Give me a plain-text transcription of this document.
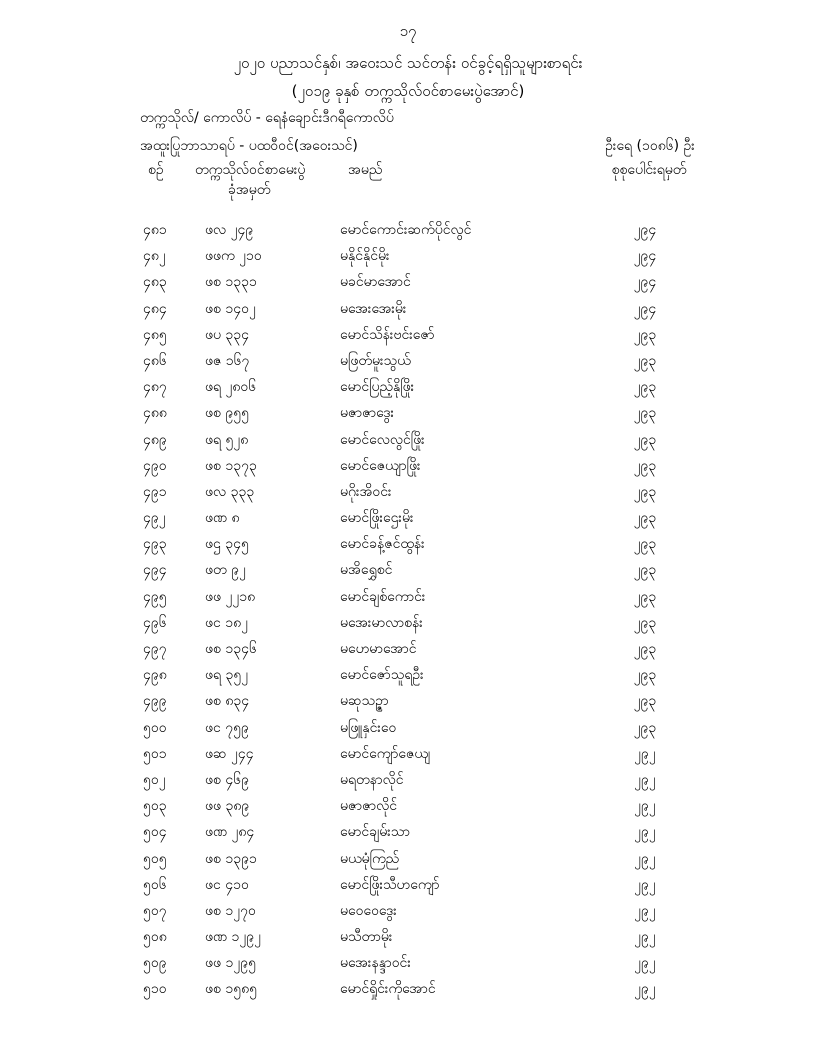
၁၇
၂၀၂၀ ပညာသင်နှစ်၊ အဝေးသင် သင်တန်း ဝင်ခွင့်ရရှိသူများစာရင်း
(၂၀၁၉ ခုနှစ် တက္ကသိုလ်ဝင်စာမေးပွဲအောင်)
တက္ကသိုလ်/ ကောလိပ် - ရေနံချောင်းဒီဂရီကောလိပ်
အထူးပြုဘာသာရပ် - ပထဝီဝင်(အဝေးသင်)	ဦးရေ (၁၀၈၆) ဦး
စဉ် တက္ကသိုလ်ဝင်စာမေးပွဲ
ခုံအမှတ်
အမည်	စုစုပေါင်းရမှတ်
၄၈၁	ဖလ ၂၄၉	မောင်ကောင်းဆက်ပိုင်လွင်	၂၉၄
၄၈၂	ဖဖက ၂၁၀	မနိုင်နိုင်မိုး	၂၉၄
၄၈၃	ဖစ ၁၃၃၁	မခင်မာအောင်	၂၉၄
၄၈၄	ဖစ ၁၄၀၂	မအေးအေးမိုး	၂၉၄
၄၈၅	ဖပ ၃၃၄	မောင်သိန်းဗင်းဇော်	၂၉၃
၄၈၆	ဖဇ ၁၆၇	မဖြတ်မူးသွယ်	၂၉၃
၄၈၇	ဖရ ၂၈၀၆	မောင်ပြည့်နိုဖြိုး	၂၉၃
၄၈၈	ဖစ ၉၅၅	မဇာဇာဒွေး	၂၉၃
၄၈၉	ဖရ ၅၂၈	မောင်လေလွင်ဖြိုး	၂၉၃
၄၉၀	ဖစ ၁၃၇၃	မောင်ဇေယျာဖြိုး	၂၉၃
၄၉၁	ဖလ ၃၃၃	မဂိုးအိဝင်း	၂၉၃
၄၉၂	ဖဏ ၈	မောင်ဖြိုးဌေးမိုး	၂၉၃
၄၉၃	ဖဌ ၃၄၅	မောင်ခန့်ဇင်ထွန်း	၂၉၃
၄၉၄	ဖတ ၉၂	မအိရွှေစင်	၂၉၃
၄၉၅	ဖဖ ၂၂၁၈	မောင်ချစ်ကောင်း	၂၉၃
၄၉၆	ဖင ၁၈၂	မအေးမာလာစန်း	၂၉၃
၄၉၇	ဖစ ၁၃၄၆	မဟေမာအောင်	၂၉၃
၄၉၈	ဖရ ၃၅၂	မောင်ဇော်သူရဦး	၂၉၃
၄၉၉	ဖစ ၈၃၄	မဆုသဉ္ဇာ	၂၉၃
၅၀၀	ဖင ၇၅၉	မဖြူနှင်းဝေ	၂၉၃
၅၀၁	ဖဆ ၂၄၄	မောင်ကျော်ဇေယျ	၂၉၂
၅၀၂	ဖစ ၄၆၉	မရတနာလိုင်	၂၉၂
၅၀၃	ဖဖ ၃၈၉	မဇာဇာလိုင်	၂၉၂
၅၀၄	ဖဏ ၂၈၄	မောင်ချမ်းသာ	၂၉၂
၅၀၅	ဖစ ၁၃၉၁	မယမုံကြည်	၂၉၂
၅၀၆	ဖင ၄၁၀	မောင်ဖြိုးသီဟကျော်	၂၉၂
၅၀၇	ဖစ ၁၂၇၀	မဝေဝေဒွေး	၂၉၂
၅၀၈	ဖဏ ၁၂၉၂	မသီတာမိုး	၂၉၂
၅၀၉	ဖဖ ၁၂၉၅	မအေးနန္ဒာဝင်း	၂၉၂
၅၁၀	ဖစ ၁၅၈၅	မောင်ရှိုင်းကိုအောင်	၂၉၂
